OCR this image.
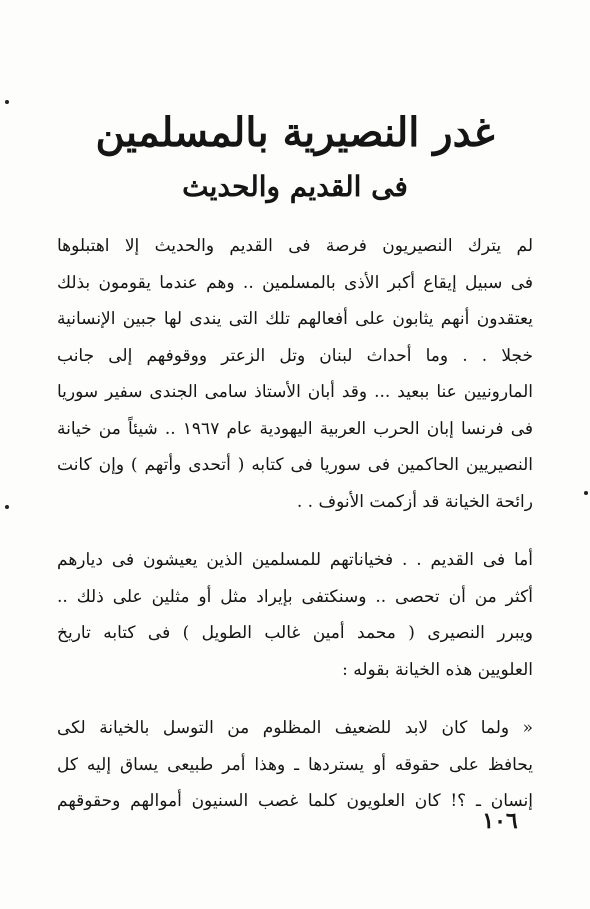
غدر النصيرية بالمسلمين
فى القديم والحديث
لم يترك النصيريون فرصة فى القديم والحديث إلا اهتبلوها
فى سبيل إيقاع أكبر الأذى بالمسلمين .. وهم عندما يقومون بذلك
يعتقدون أنهم يثابون على أفعالهم تلك التى يندى لها جبين الإنسانية
خجلا . . وما أحداث لبنان وتل الزعتر ووقوفهم إلى جانب
المارونيين عنا ببعيد ... وقد أبان الأستاذ سامى الجندى سفير سوريا
فى فرنسا إبان الحرب العربية اليهودية عام ١٩٦٧ .. شيئاً من خيانة
النصيريين الحاكمين فى سوريا فى كتابه ( أتحدى وأتهم ) وإن كانت
رائحة الخيانة قد أزكمت الأنوف . .
أما فى القديم . . فخياناتهم للمسلمين الذين يعيشون فى ديارهم
أكثر من أن تحصى .. وسنكتفى بإيراد مثل أو مثلين على ذلك ..
ويبرر النصيرى ( محمد أمين غالب الطويل ) فى كتابه تاريخ
العلويين هذه الخيانة بقوله :
« ولما كان لابد للضعيف المظلوم من التوسل بالخيانة لكى
يحافظ على حقوقه أو يستردها ـ وهذا أمر طبيعى يساق إليه كل
إنسان ـ ؟! كان العلويون كلما غصب السنيون أموالهم وحقوقهم
١٠٦
